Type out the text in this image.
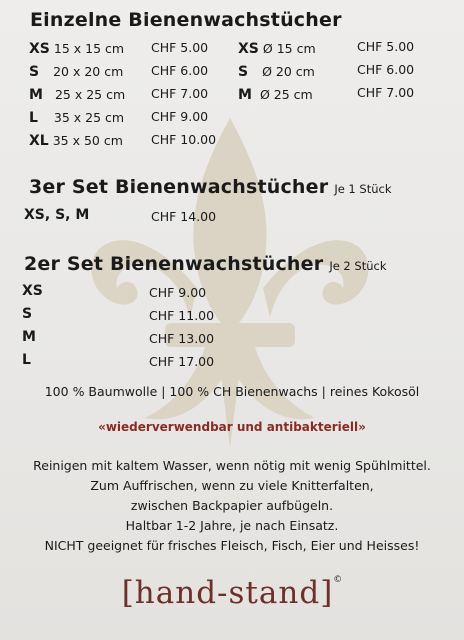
Einzelne Bienenwachstücher
XS 15 x 15 cm CHF 5.00
S 20 x 20 cm CHF 6.00
M 25 x 25 cm CHF 7.00
L 35 x 25 cm CHF 9.00
XL 35 x 50 cm CHF 10.00
XS Ø 15 cm	CHF 5.00
S Ø 20 cm	CHF 6.00
M Ø 25 cm	CHF 7.00
3er Set Bienenwachstücher Je 1 Stück
XS, S, M	CHF 14.00
2er Set Bienenwachstücher Je 2 Stück
XS	CHF 9.00
S	CHF 11.00
M	CHF 13.00
L	CHF 17.00
100 % Baumwolle | 100 % CH Bienenwachs | reines Kokosöl
«wiederverwendbar und antibakteriell»
Reinigen mit kaltem Wasser, wenn nötig mit wenig Spühlmittel.
Zum Auffrischen, wenn zu viele Knitterfalten,
zwischen Backpapier aufbügeln.
Haltbar 1-2 Jahre, je nach Einsatz.
NICHT geeignet für frisches Fleisch, Fisch, Eier und Heisses!
[hand-stand]©
